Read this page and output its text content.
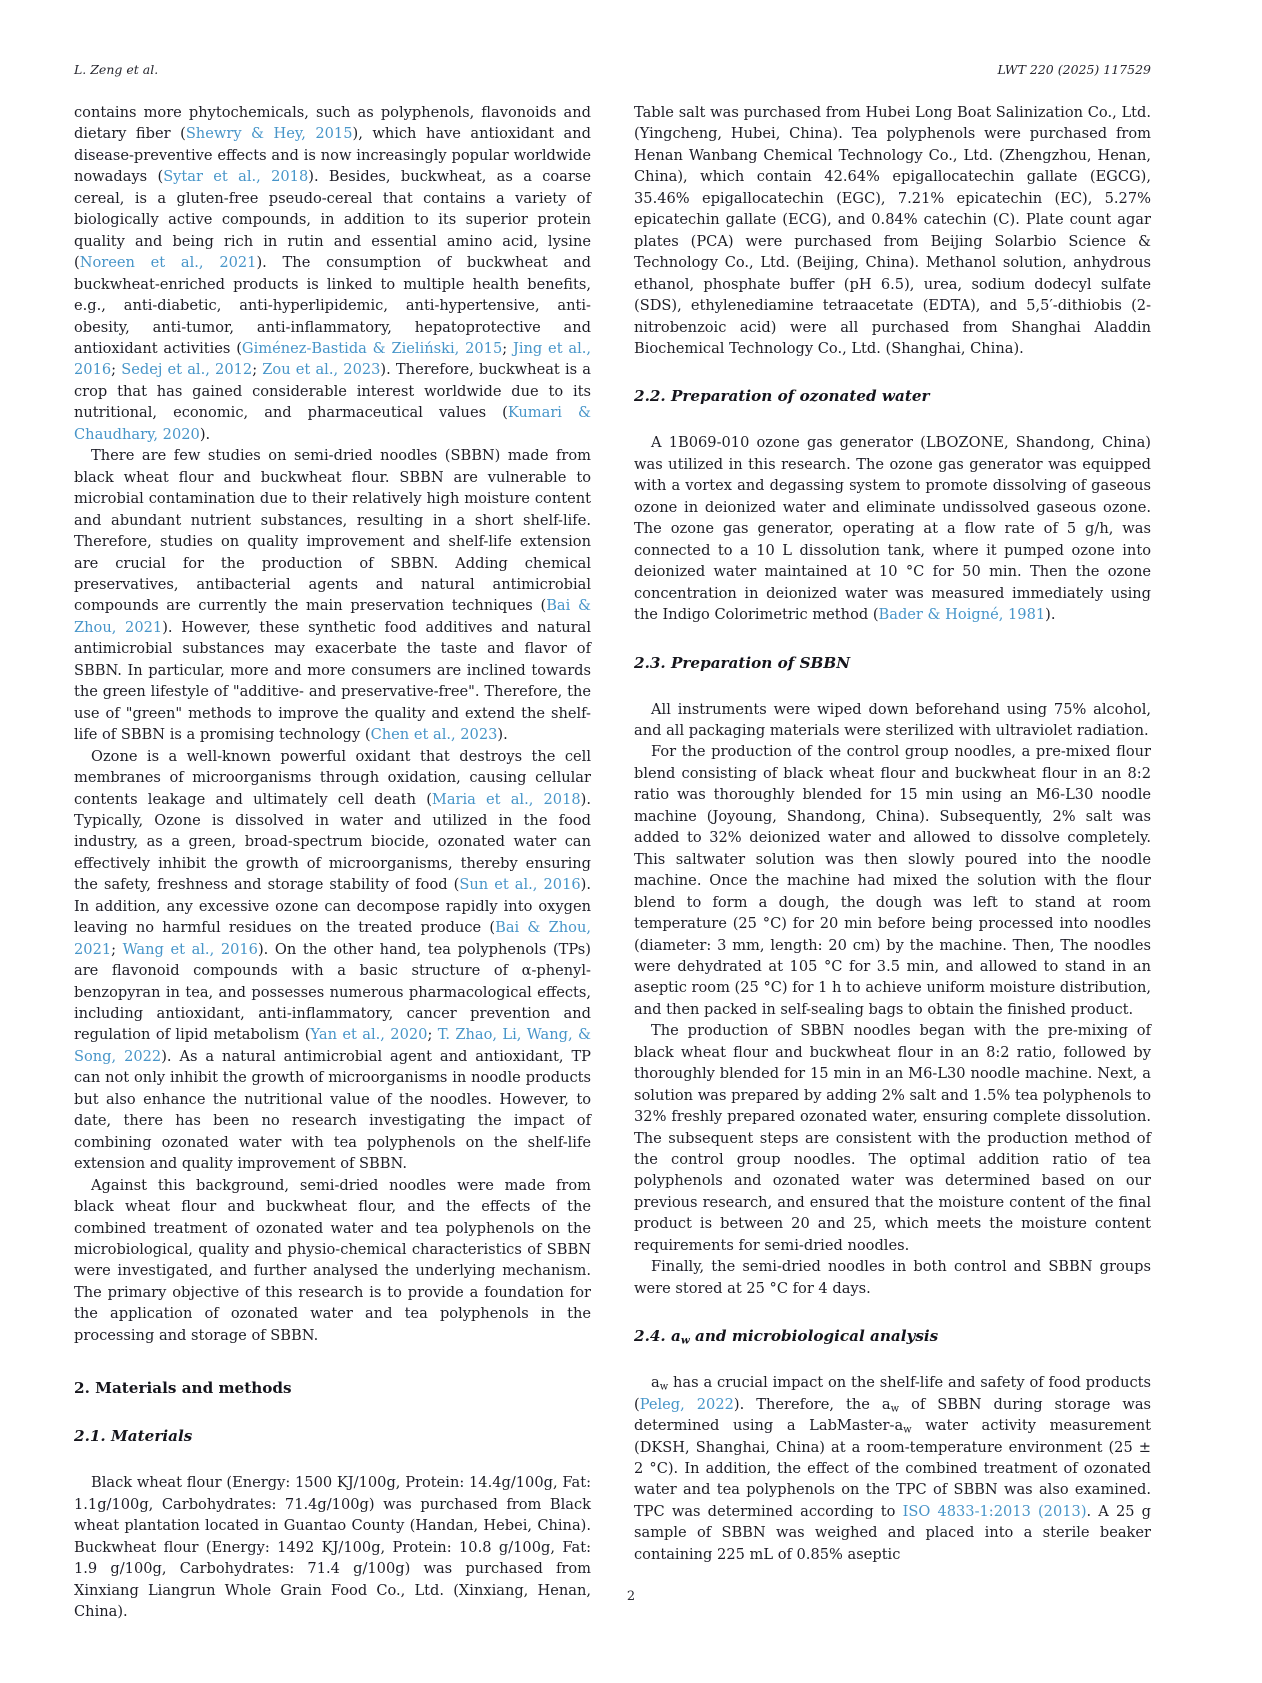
L. Zeng et al.	LWT 220 (2025) 117529

contains more phytochemicals, such as polyphenols, flavonoids and dietary fiber (Shewry & Hey, 2015), which have antioxidant and disease-preventive effects and is now increasingly popular worldwide nowadays (Sytar et al., 2018). Besides, buckwheat, as a coarse cereal, is a gluten-free pseudo-cereal that contains a variety of biologically active compounds, in addition to its superior protein quality and being rich in rutin and essential amino acid, lysine (Noreen et al., 2021). The consumption of buckwheat and buckwheat-enriched products is linked to multiple health benefits, e.g., anti-diabetic, anti-hyperlipidemic, anti-hypertensive, anti-obesity, anti-tumor, anti-inflammatory, hepatoprotective and antioxidant activities (Giménez-Bastida & Zieliński, 2015; Jing et al., 2016; Sedej et al., 2012; Zou et al., 2023). Therefore, buckwheat is a crop that has gained considerable interest worldwide due to its nutritional, economic, and pharmaceutical values (Kumari & Chaudhary, 2020).

There are few studies on semi-dried noodles (SBBN) made from black wheat flour and buckwheat flour. SBBN are vulnerable to microbial contamination due to their relatively high moisture content and abundant nutrient substances, resulting in a short shelf-life. Therefore, studies on quality improvement and shelf-life extension are crucial for the production of SBBN. Adding chemical preservatives, antibacterial agents and natural antimicrobial compounds are currently the main preservation techniques (Bai & Zhou, 2021). However, these synthetic food additives and natural antimicrobial substances may exacerbate the taste and flavor of SBBN. In particular, more and more consumers are inclined towards the green lifestyle of "additive- and preservative-free". Therefore, the use of "green" methods to improve the quality and extend the shelf-life of SBBN is a promising technology (Chen et al., 2023).

Ozone is a well-known powerful oxidant that destroys the cell membranes of microorganisms through oxidation, causing cellular contents leakage and ultimately cell death (Maria et al., 2018). Typically, Ozone is dissolved in water and utilized in the food industry, as a green, broad-spectrum biocide, ozonated water can effectively inhibit the growth of microorganisms, thereby ensuring the safety, freshness and storage stability of food (Sun et al., 2016). In addition, any excessive ozone can decompose rapidly into oxygen leaving no harmful residues on the treated produce (Bai & Zhou, 2021; Wang et al., 2016). On the other hand, tea polyphenols (TPs) are flavonoid compounds with a basic structure of α-phenyl-benzopyran in tea, and possesses numerous pharmacological effects, including antioxidant, anti-inflammatory, cancer prevention and regulation of lipid metabolism (Yan et al., 2020; T. Zhao, Li, Wang, & Song, 2022). As a natural antimicrobial agent and antioxidant, TP can not only inhibit the growth of microorganisms in noodle products but also enhance the nutritional value of the noodles. However, to date, there has been no research investigating the impact of combining ozonated water with tea polyphenols on the shelf-life extension and quality improvement of SBBN.

Against this background, semi-dried noodles were made from black wheat flour and buckwheat flour, and the effects of the combined treatment of ozonated water and tea polyphenols on the microbiological, quality and physio-chemical characteristics of SBBN were investigated, and further analysed the underlying mechanism. The primary objective of this research is to provide a foundation for the application of ozonated water and tea polyphenols in the processing and storage of SBBN.

2. Materials and methods
2.1. Materials

Black wheat flour (Energy: 1500 KJ/100g, Protein: 14.4g/100g, Fat: 1.1g/100g, Carbohydrates: 71.4g/100g) was purchased from Black wheat plantation located in Guantao County (Handan, Hebei, China). Buckwheat flour (Energy: 1492 KJ/100g, Protein: 10.8 g/100g, Fat: 1.9 g/100g, Carbohydrates: 71.4 g/100g) was purchased from Xinxiang Liangrun Whole Grain Food Co., Ltd. (Xinxiang, Henan, China).

Table salt was purchased from Hubei Long Boat Salinization Co., Ltd. (Yingcheng, Hubei, China). Tea polyphenols were purchased from Henan Wanbang Chemical Technology Co., Ltd. (Zhengzhou, Henan, China), which contain 42.64% epigallocatechin gallate (EGCG), 35.46% epigallocatechin (EGC), 7.21% epicatechin (EC), 5.27% epicatechin gallate (ECG), and 0.84% catechin (C). Plate count agar plates (PCA) were purchased from Beijing Solarbio Science & Technology Co., Ltd. (Beijing, China). Methanol solution, anhydrous ethanol, phosphate buffer (pH 6.5), urea, sodium dodecyl sulfate (SDS), ethylenediamine tetraacetate (EDTA), and 5,5′-dithiobis (2-nitrobenzoic acid) were all purchased from Shanghai Aladdin Biochemical Technology Co., Ltd. (Shanghai, China).

2.2. Preparation of ozonated water

A 1B069-010 ozone gas generator (LBOZONE, Shandong, China) was utilized in this research. The ozone gas generator was equipped with a vortex and degassing system to promote dissolving of gaseous ozone in deionized water and eliminate undissolved gaseous ozone. The ozone gas generator, operating at a flow rate of 5 g/h, was connected to a 10 L dissolution tank, where it pumped ozone into deionized water maintained at 10 °C for 50 min. Then the ozone concentration in deionized water was measured immediately using the Indigo Colorimetric method (Bader & Hoigné, 1981).

2.3. Preparation of SBBN

All instruments were wiped down beforehand using 75% alcohol, and all packaging materials were sterilized with ultraviolet radiation.

For the production of the control group noodles, a pre-mixed flour blend consisting of black wheat flour and buckwheat flour in an 8:2 ratio was thoroughly blended for 15 min using an M6-L30 noodle machine (Joyoung, Shandong, China). Subsequently, 2% salt was added to 32% deionized water and allowed to dissolve completely. This saltwater solution was then slowly poured into the noodle machine. Once the machine had mixed the solution with the flour blend to form a dough, the dough was left to stand at room temperature (25 °C) for 20 min before being processed into noodles (diameter: 3 mm, length: 20 cm) by the machine. Then, The noodles were dehydrated at 105 °C for 3.5 min, and allowed to stand in an aseptic room (25 °C) for 1 h to achieve uniform moisture distribution, and then packed in self-sealing bags to obtain the finished product.

The production of SBBN noodles began with the pre-mixing of black wheat flour and buckwheat flour in an 8:2 ratio, followed by thoroughly blended for 15 min in an M6-L30 noodle machine. Next, a solution was prepared by adding 2% salt and 1.5% tea polyphenols to 32% freshly prepared ozonated water, ensuring complete dissolution. The subsequent steps are consistent with the production method of the control group noodles. The optimal addition ratio of tea polyphenols and ozonated water was determined based on our previous research, and ensured that the moisture content of the final product is between 20 and 25, which meets the moisture content requirements for semi-dried noodles.

Finally, the semi-dried noodles in both control and SBBN groups were stored at 25 °C for 4 days.

2.4. $a_w$ and microbiological analysis

$a_w$ has a crucial impact on the shelf-life and safety of food products (Peleg, 2022). Therefore, the $a_w$ of SBBN during storage was determined using a LabMaster-$a_w$ water activity measurement (DKSH, Shanghai, China) at a room-temperature environment (25 ± 2 °C). In addition, the effect of the combined treatment of ozonated water and tea polyphenols on the TPC of SBBN was also examined. TPC was determined according to ISO 4833-1:2013 (2013). A 25 g sample of SBBN was weighed and placed into a sterile beaker containing 225 mL of 0.85% aseptic

2
